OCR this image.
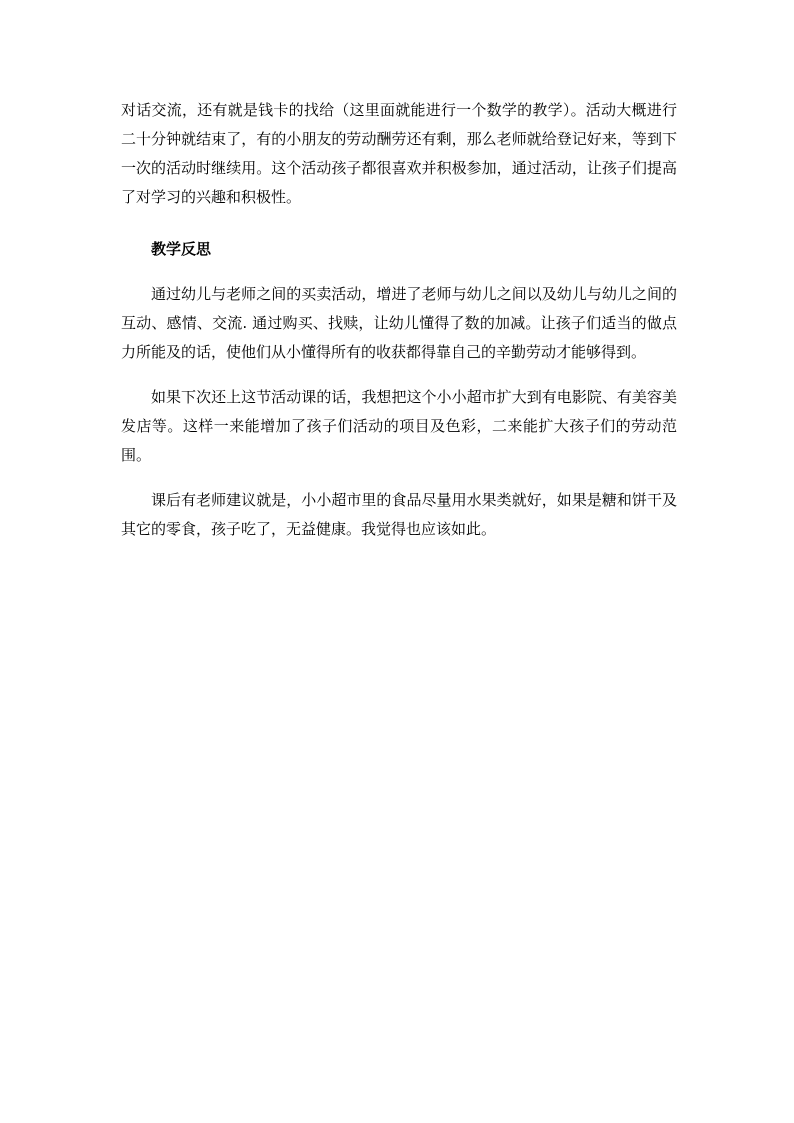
对话交流，还有就是钱卡的找给（这里面就能进行一个数学的教学）。活动大概进行二十分钟就结束了，有的小朋友的劳动酬劳还有剩，那么老师就给登记好来，等到下一次的活动时继续用。这个活动孩子都很喜欢并积极参加，通过活动，让孩子们提高了对学习的兴趣和积极性。

教学反思

通过幼儿与老师之间的买卖活动，增进了老师与幼儿之间以及幼儿与幼儿之间的互动、感情、交流. 通过购买、找赎，让幼儿懂得了数的加减。让孩子们适当的做点力所能及的话，使他们从小懂得所有的收获都得靠自己的辛勤劳动才能够得到。

如果下次还上这节活动课的话，我想把这个小小超市扩大到有电影院、有美容美发店等。这样一来能增加了孩子们活动的项目及色彩，二来能扩大孩子们的劳动范围。

课后有老师建议就是，小小超市里的食品尽量用水果类就好，如果是糖和饼干及其它的零食，孩子吃了，无益健康。我觉得也应该如此。
